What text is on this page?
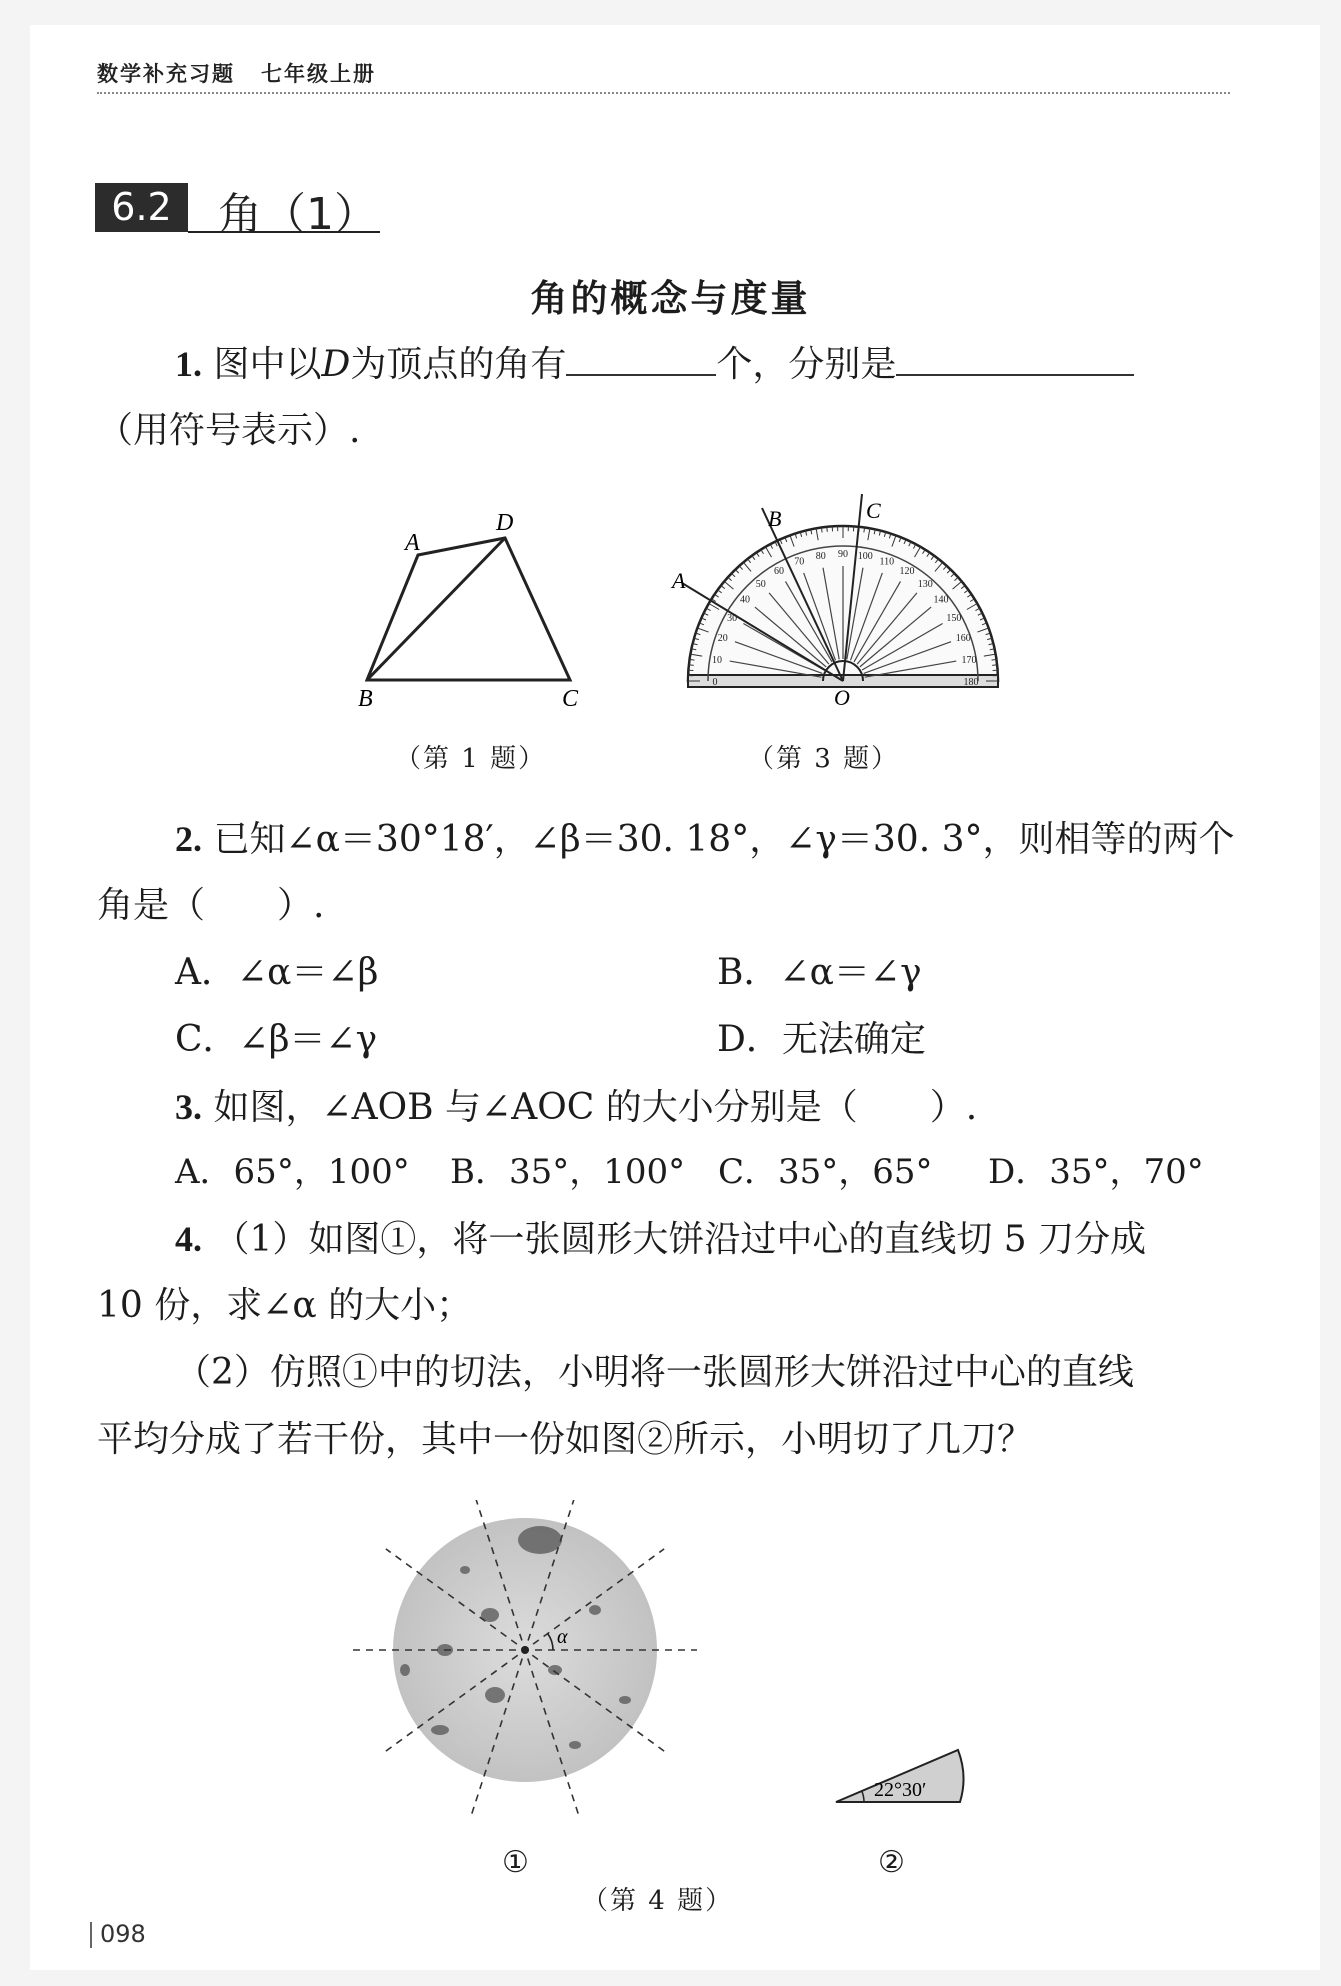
数学补充习题 七年级上册
6.2	角（1）
角的概念与度量
1. 图中以D为顶点的角有	个，分别是
（用符号表示）.
A
D
B	C
（第 1 题）
0
10
20
30
40
50
60
70
80 90 100
110
120
130
140
150
160
170
180
A
B	C
O
（第 3 题）
2. 已知∠α＝30°18′，∠β＝30. 18°，∠γ＝30. 3°，则相等的两个
角是（　　）.
A．∠α＝∠β	B．∠α＝∠γ
C．∠β＝∠γ	D．无法确定
3. 如图，∠AOB 与∠AOC 的大小分别是（　　）.
A．65°，100° B．35°，100° C．35°，65° D．35°，70°
4. （1）如图①，将一张圆形大饼沿过中心的直线切 5 刀分成
10 份，求∠α 的大小；
（2）仿照①中的切法，小明将一张圆形大饼沿过中心的直线
平均分成了若干份，其中一份如图②所示，小明切了几刀？
α
①
22°30′
②
（第 4 题）
098
